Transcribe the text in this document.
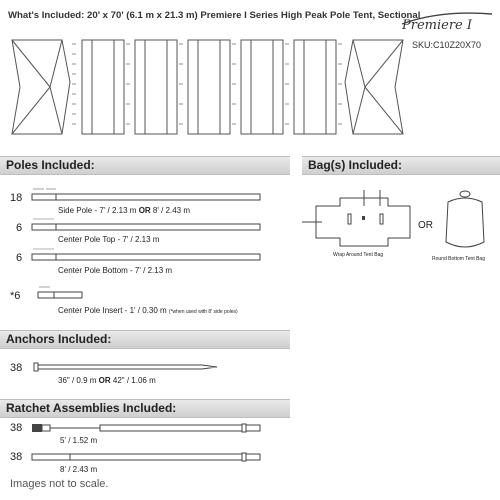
What's Included: 20' x 70' (6.1 m x 21.3 m) Premiere I Series High Peak Pole Tent, Sectional
Premiere I
SKU:C10Z20X70
Poles Included:	Bag(s) Included:
18
Side Pole - 7' / 2.13 m OR 8' / 2.43 m
6
Center Pole Top - 7' / 2.13 m
6
Center Pole Bottom - 7' / 2.13 m
*6
Center Pole Insert - 1' / 0.30 m (*when used with 8' side poles)
Wrap Around Tent Bag
OR
Round Bottom Tent Bag
Anchors Included:
38
36" / 0.9 m OR 42" / 1.06 m
Ratchet Assemblies Included:
38
5' / 1.52 m
38
8' / 2.43 m
Images not to scale.
